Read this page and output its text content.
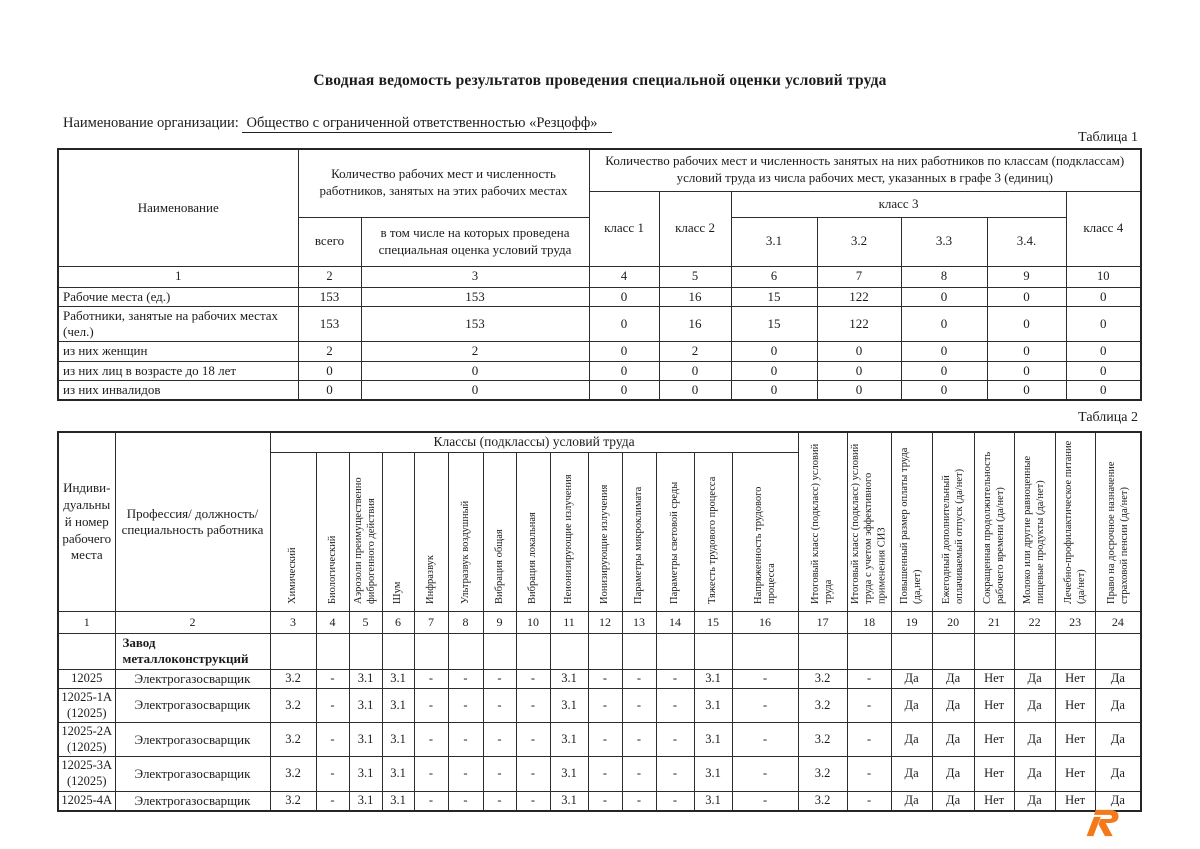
Сводная ведомость результатов проведения специальной оценки условий труда
Наименование организации: Общество с ограниченной ответственностью «Резцофф»
Таблица 1
Наименование	Количество рабочих мест и численность работников, занятых на этих рабочих местах		Количество рабочих мест и численность занятых на них работников по классам (подклассам) условий труда из числа рабочих мест, указанных в графе 3 (единиц)						
			класс 1	класс 2	класс 3				класс 4
	всего	в том числе на которых проведена специальная оценка условий труда			3.1	3.2	3.3	3.4.	
1	2	3	4	5	6	7	8	9	10
Рабочие места (ед.)	153	153	0	16	15	122	0	0	0
Работники, занятые на рабочих местах (чел.)	153	153	0	16	15	122	0	0	0
из них женщин	2	2	0	2	0	0	0	0	0
из них лиц в возрасте до 18 лет	0	0	0	0	0	0	0	0	0
из них инвалидов	0	0	0	0	0	0	0	0	0
Таблица 2
Индиви-дуальный номер рабочего места	Профессия/ должность/ специальность работника	Классы (подклассы) условий труда														Итоговый класс (подкласс) условий труда	Итоговый класс (подкласс) условий труда с учетом эффективного применения СИЗ	Повышенный размер оплаты труда (да,нет)	Ежегодный дополнительный оплачиваемый отпуск (да/нет)	Сокращенная продолжительность рабочего времени (да/нет)	Молоко или другие равноценные пищевые продукты (да/нет)	Лечебно-профилактическое питание (да/нет)	Право на досрочное назначение страховой пенсии (да/нет)
		Химический	Биологический	Аэрозоли преимущественно фиброгенного действия	Шум	Инфразвук	Ультразвук воздушный	Вибрация общая	Вибрация локальная	Неионизирующие излучения	Ионизирующие излучения	Параметры микроклимата	Параметры световой среды	Тяжесть трудового процесса	Напряженность трудового процесса								
1	2	3	4	5	6	7	8	9	10	11	12	13	14	15	16	17	18	19	20	21	22	23	24
	Завод металлоконструкций																						
12025	Электрогазосварщик	3.2	-	3.1	3.1	-	-	-	-	3.1	-	-	-	3.1	-	3.2	-	Да	Да	Нет	Да	Нет	Да
12025-1А (12025)	Электрогазосварщик	3.2	-	3.1	3.1	-	-	-	-	3.1	-	-	-	3.1	-	3.2	-	Да	Да	Нет	Да	Нет	Да
12025-2А (12025)	Электрогазосварщик	3.2	-	3.1	3.1	-	-	-	-	3.1	-	-	-	3.1	-	3.2	-	Да	Да	Нет	Да	Нет	Да
12025-3А (12025)	Электрогазосварщик	3.2	-	3.1	3.1	-	-	-	-	3.1	-	-	-	3.1	-	3.2	-	Да	Да	Нет	Да	Нет	Да
12025-4А	Электрогазосварщик	3.2	-	3.1	3.1	-	-	-	-	3.1	-	-	-	3.1	-	3.2	-	Да	Да	Нет	Да	Нет	Да
